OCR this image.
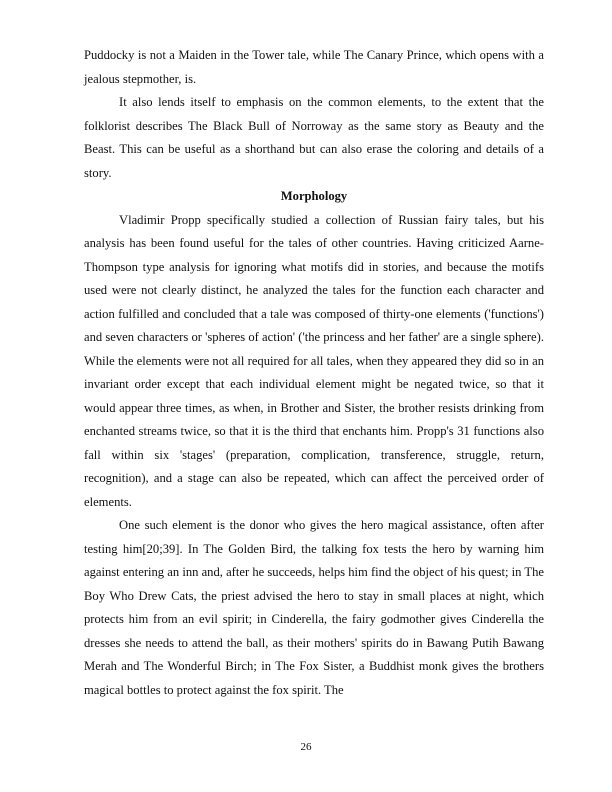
Puddocky is not a Maiden in the Tower tale, while The Canary Prince, which opens with a jealous stepmother, is.

It also lends itself to emphasis on the common elements, to the extent that the folklorist describes The Black Bull of Norroway as the same story as Beauty and the Beast. This can be useful as a shorthand but can also erase the coloring and details of a story.

Morphology

Vladimir Propp specifically studied a collection of Russian fairy tales, but his analysis has been found useful for the tales of other countries. Having criticized Aarne-Thompson type analysis for ignoring what motifs did in stories, and because the motifs used were not clearly distinct, he analyzed the tales for the function each character and action fulfilled and concluded that a tale was composed of thirty-one elements ('functions') and seven characters or 'spheres of action' ('the princess and her father' are a single sphere). While the elements were not all required for all tales, when they appeared they did so in an invariant order except that each individual element might be negated twice, so that it would appear three times, as when, in Brother and Sister, the brother resists drinking from enchanted streams twice, so that it is the third that enchants him. Propp's 31 functions also fall within six 'stages' (preparation, complication, transference, struggle, return, recognition), and a stage can also be repeated, which can affect the perceived order of elements.

One such element is the donor who gives the hero magical assistance, often after testing him[20;39]. In The Golden Bird, the talking fox tests the hero by warning him against entering an inn and, after he succeeds, helps him find the object of his quest; in The Boy Who Drew Cats, the priest advised the hero to stay in small places at night, which protects him from an evil spirit; in Cinderella, the fairy godmother gives Cinderella the dresses she needs to attend the ball, as their mothers' spirits do in Bawang Putih Bawang Merah and The Wonderful Birch; in The Fox Sister, a Buddhist monk gives the brothers magical bottles to protect against the fox spirit. The

26
